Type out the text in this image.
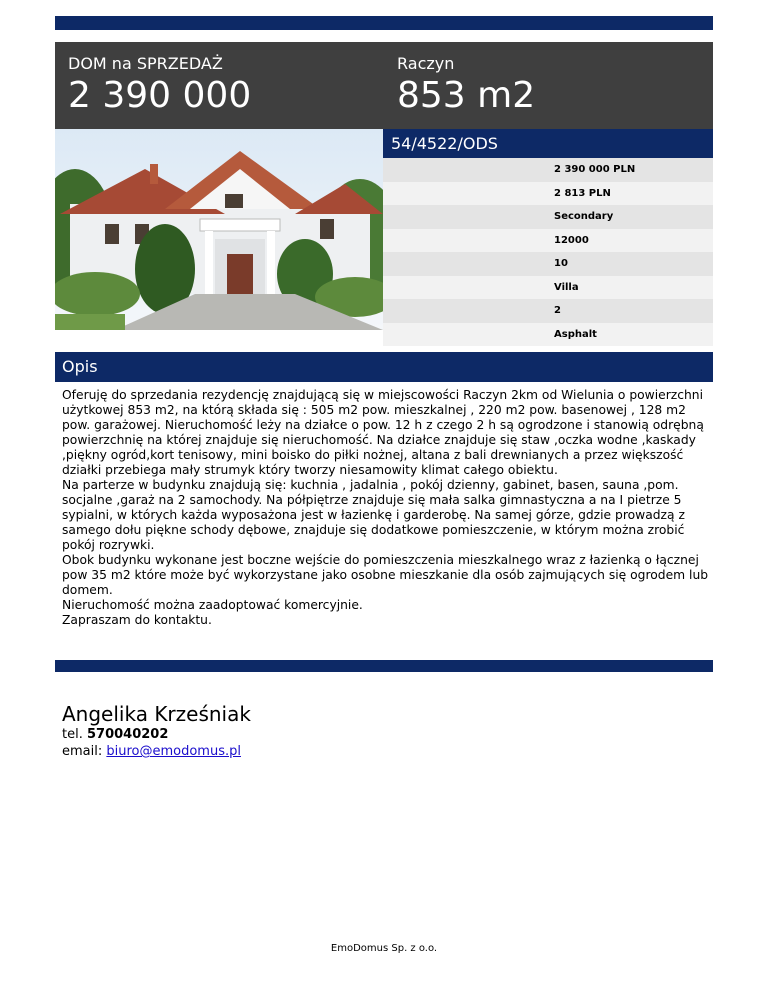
DOM na SPRZEDAŻ
2 390 000
Raczyn
853 m2
54/4522/ODS
2 390 000 PLN
2 813 PLN
Secondary
12000
10
Villa
2
Asphalt
Opis

Oferuję do sprzedania rezydencję znajdującą się w miejscowości Raczyn 2km od Wielunia o powierzchni użytkowej 853 m2, na którą składa się : 505 m2 pow. mieszkalnej , 220 m2 pow. basenowej , 128 m2 pow. garażowej. Nieruchomość leży na działce o pow. 12 h z czego 2 h są ogrodzone i stanowią odrębną powierzchnię na której znajduje się nieruchomość. Na działce znajduje się staw ,oczka wodne ,kaskady ,piękny ogród,kort tenisowy, mini boisko do piłki nożnej, altana z bali drewnianych a przez większość działki przebiega mały strumyk który tworzy niesamowity klimat całego obiektu.

Na parterze w budynku znajdują się: kuchnia , jadalnia , pokój dzienny, gabinet, basen, sauna ,pom. socjalne ,garaż na 2 samochody. Na półpiętrze znajduje się mała salka gimnastyczna a na I pietrze 5 sypialni, w których każda wyposażona jest w łazienkę i garderobę. Na samej górze, gdzie prowadzą z samego dołu piękne schody dębowe, znajduje się dodatkowe pomieszczenie, w którym można zrobić pokój rozrywki.

Obok budynku wykonane jest boczne wejście do pomieszczenia mieszkalnego wraz z łazienką o łącznej pow 35 m2 które może być wykorzystane jako osobne mieszkanie dla osób zajmujących się ogrodem lub domem.

Nieruchomość można zaadoptować komercyjnie.

Zapraszam do kontaktu.

Angelika Krześniak
tel. 570040202
email: biuro@emodomus.pl
EmoDomus Sp. z o.o.
